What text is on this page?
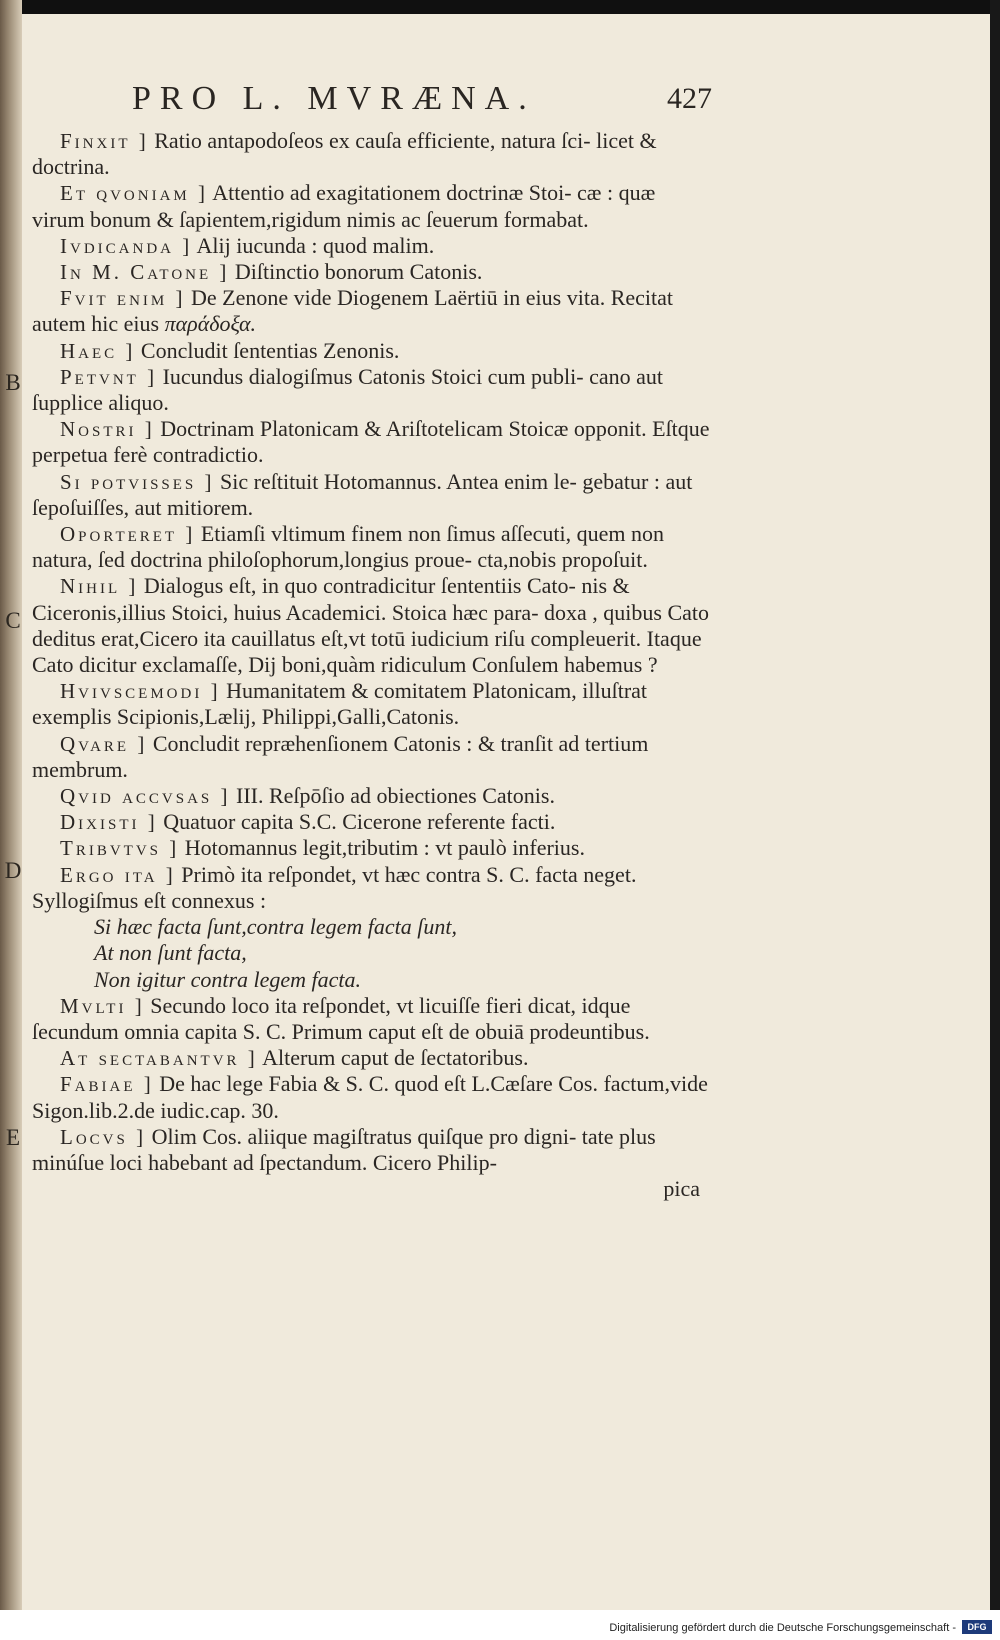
PRO L. MVRÆNA.	427
B
C
D
E

Finxit ] Ratio antapodoſeos ex cauſa efficiente, natura ſci- licet & doctrina.

Et qvoniam ] Attentio ad exagitationem doctrinæ Stoi- cæ : quæ virum bonum & ſapientem,rigidum nimis ac ſeuerum formabat.

Ivdicanda ] Alij iucunda : quod malim.

In M. Catone ] Diſtinctio bonorum Catonis.

Fvit enim ] De Zenone vide Diogenem Laërtiū in eius vita. Recitat autem hic eius παράδοξα.

Haec ] Concludit ſententias Zenonis.

Petvnt ] Iucundus dialogiſmus Catonis Stoici cum publi- cano aut ſupplice aliquo.

Nostri ] Doctrinam Platonicam & Ariſtotelicam Stoicæ opponit. Eſtque perpetua ferè contradictio.

Si potvisses ] Sic reſtituit Hotomannus. Antea enim le- gebatur : aut ſepoſuiſſes, aut mitiorem.

Oporteret ] Etiamſi vltimum finem non ſimus aſſecuti, quem non natura, ſed doctrina philoſophorum,longius proue- cta,nobis propoſuit.

Nihil ] Dialogus eſt, in quo contradicitur ſententiis Cato- nis & Ciceronis,illius Stoici, huius Academici. Stoica hæc para- doxa , quibus Cato deditus erat,Cicero ita cauillatus eſt,vt totū iudicium riſu compleuerit. Itaque Cato dicitur exclamaſſe, Dij boni,quàm ridiculum Conſulem habemus ?

Hvivscemodi ] Humanitatem & comitatem Platonicam, illuſtrat exemplis Scipionis,Lælij, Philippi,Galli,Catonis.

Qvare ] Concludit repræhenſionem Catonis : & tranſit ad tertium membrum.

Qvid accvsas ] III. Reſpōſio ad obiectiones Catonis.

Dixisti ] Quatuor capita S.C. Cicerone referente facti.

Tribvtvs ] Hotomannus legit,tributim : vt paulò inferius.

Ergo ita ] Primò ita reſpondet, vt hæc contra S. C. facta neget. Syllogiſmus eſt connexus :

Si hæc facta ſunt,contra legem facta ſunt,

At non ſunt facta,

Non igitur contra legem facta.

Mvlti ] Secundo loco ita reſpondet, vt licuiſſe fieri dicat, idque ſecundum omnia capita S. C. Primum caput eſt de obuiā prodeuntibus.

At sectabantvr ] Alterum caput de ſectatoribus.

Fabiae ] De hac lege Fabia & S. C. quod eſt L.Cæſare Cos. factum,vide Sigon.lib.2.de iudic.cap. 30.

Locvs ] Olim Cos. aliique magiſtratus quiſque pro digni- tate plus minúſue loci habebant ad ſpectandum. Cicero Philip-

pica

Digitalisierung gefördert durch die Deutsche Forschungsgemeinschaft -	DFG
